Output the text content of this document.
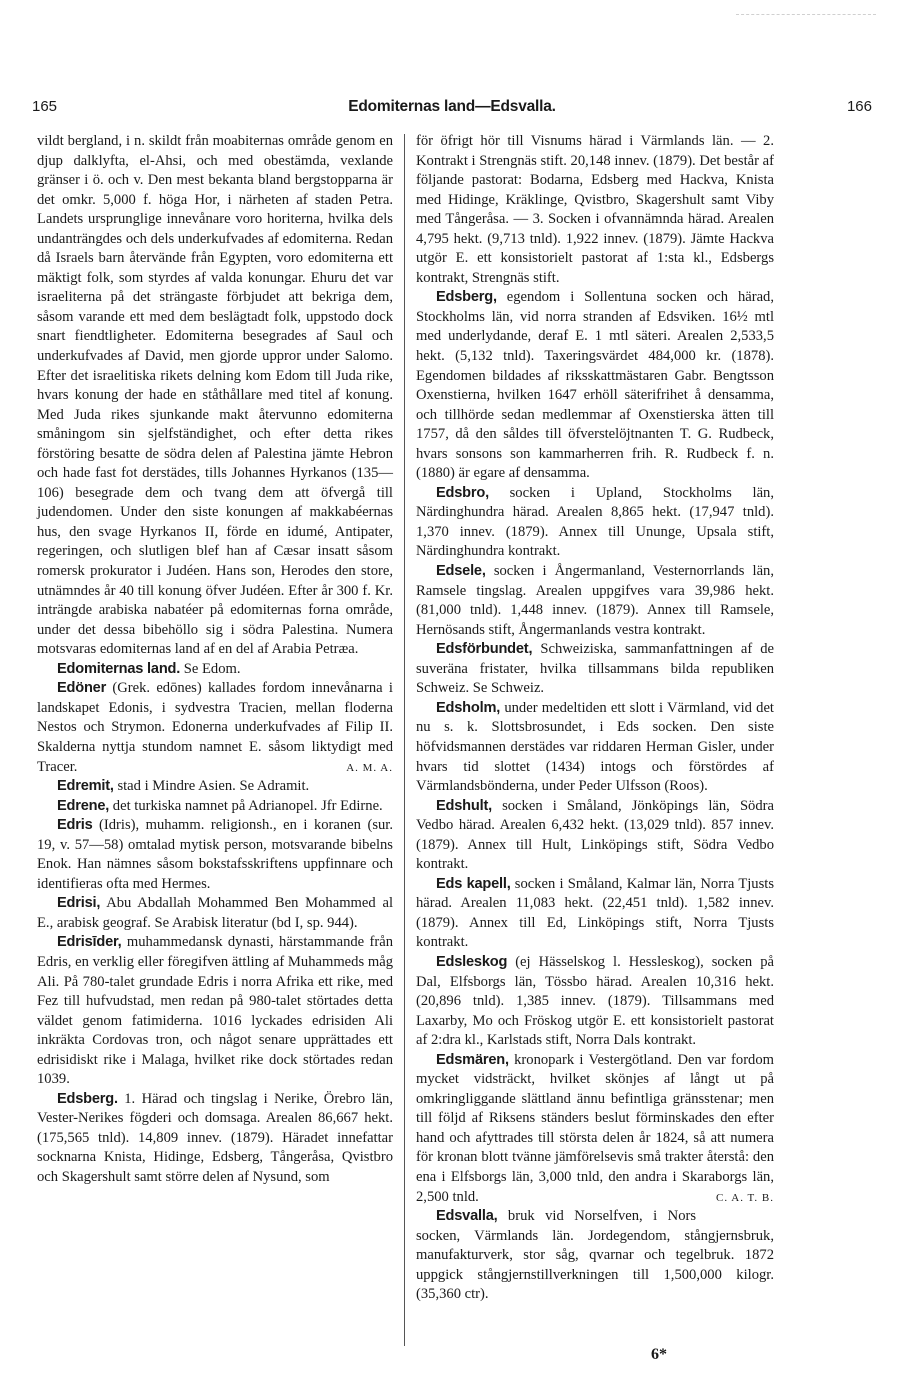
165	Edomiternas land—Edsvalla.	166

vildt bergland, i n. skildt från moabiternas område genom en djup dalklyfta, el-Ahsi, och med obestämda, vexlande gränser i ö. och v. Den mest bekanta bland bergstopparna är det omkr. 5,000 f. höga Hor, i närheten af staden Petra. Landets ursprunglige innevånare voro horiterna, hvilka dels undanträngdes och dels underkufvades af edomiterna. Redan då Israels barn återvände från Egypten, voro edomiterna ett mäktigt folk, som styrdes af valda konungar. Ehuru det var israeliterna på det strängaste förbjudet att bekriga dem, såsom varande ett med dem beslägtadt folk, uppstodo dock snart fiendtligheter. Edomiterna besegrades af Saul och underkufvades af David, men gjorde uppror under Salomo. Efter det israelitiska rikets delning kom Edom till Juda rike, hvars konung der hade en ståthållare med titel af konung. Med Juda rikes sjunkande makt återvunno edomiterna småningom sin sjelfständighet, och efter detta rikes förstöring besatte de södra delen af Palestina jämte Hebron och hade fast fot derstädes, tills Johannes Hyrkanos (135—106) besegrade dem och tvang dem att öfvergå till judendomen. Under den siste konungen af makkabéernas hus, den svage Hyrkanos II, förde en idumé, Antipater, regeringen, och slutligen blef han af Cæsar insatt såsom romersk prokurator i Judéen. Hans son, Herodes den store, utnämndes år 40 till konung öfver Judéen. Efter år 300 f. Kr. inträngde arabiska nabatéer på edomiternas forna område, under det dessa bibehöllo sig i södra Palestina. Numera motsvaras edomiternas land af en del af Arabia Petræa.

Edomiternas land. Se Edom.

Edöner (Grek. edōnes) kallades fordom innevånarna i landskapet Edonis, i sydvestra Tracien, mellan floderna Nestos och Strymon. Edonerna underkufvades af Filip II. Skalderna nyttja stundom namnet E. såsom liktydigt med Tracer.	A. M. A.

Edremit, stad i Mindre Asien. Se Adramit.

Edrene, det turkiska namnet på Adrianopel. Jfr Edirne.

Edris (Idris), muhamm. religionsh., en i koranen (sur. 19, v. 57—58) omtalad mytisk person, motsvarande bibelns Enok. Han nämnes såsom bokstafsskriftens uppfinnare och identifieras ofta med Hermes.

Edrisi, Abu Abdallah Mohammed Ben Mohammed al E., arabisk geograf. Se Arabisk literatur (bd I, sp. 944).

Edrisīder, muhammedansk dynasti, härstammande från Edris, en verklig eller föregifven ättling af Muhammeds måg Ali. På 780-talet grundade Edris i norra Afrika ett rike, med Fez till hufvudstad, men redan på 980-talet störtades detta väldet genom fatimiderna. 1016 lyckades edrisiden Ali inkräkta Cordovas tron, och något senare upprättades ett edrisidiskt rike i Malaga, hvilket rike dock störtades redan 1039.

Edsberg. 1. Härad och tingslag i Nerike, Örebro län, Vester-Nerikes fögderi och domsaga. Arealen 86,667 hekt. (175,565 tnld). 14,809 innev. (1879). Häradet innefattar socknarna Knista, Hidinge, Edsberg, Tångeråsa, Qvistbro och Skagershult samt större delen af Nysund, som

för öfrigt hör till Visnums härad i Värmlands län. — 2. Kontrakt i Strengnäs stift. 20,148 innev. (1879). Det består af följande pastorat: Bodarna, Edsberg med Hackva, Knista med Hidinge, Kräklinge, Qvistbro, Skagershult samt Viby med Tångeråsa. — 3. Socken i ofvannämnda härad. Arealen 4,795 hekt. (9,713 tnld). 1,922 innev. (1879). Jämte Hackva utgör E. ett konsistorielt pastorat af 1:sta kl., Edsbergs kontrakt, Strengnäs stift.

Edsberg, egendom i Sollentuna socken och härad, Stockholms län, vid norra stranden af Edsviken. 16½ mtl med underlydande, deraf E. 1 mtl säteri. Arealen 2,533,5 hekt. (5,132 tnld). Taxeringsvärdet 484,000 kr. (1878). Egendomen bildades af riksskattmästaren Gabr. Bengtsson Oxenstierna, hvilken 1647 erhöll säterifrihet å densamma, och tillhörde sedan medlemmar af Oxenstierska ätten till 1757, då den såldes till öfverstelöjtnanten T. G. Rudbeck, hvars sonsons son kammarherren frih. R. Rudbeck f. n. (1880) är egare af densamma.

Edsbro, socken i Upland, Stockholms län, Närdinghundra härad. Arealen 8,865 hekt. (17,947 tnld). 1,370 innev. (1879). Annex till Ununge, Upsala stift, Närdinghundra kontrakt.

Edsele, socken i Ångermanland, Vesternorrlands län, Ramsele tingslag. Arealen uppgifves vara 39,986 hekt. (81,000 tnld). 1,448 innev. (1879). Annex till Ramsele, Hernösands stift, Ångermanlands vestra kontrakt.

Edsförbundet, Schweiziska, sammanfattningen af de suveräna fristater, hvilka tillsammans bilda republiken Schweiz. Se Schweiz.

Edsholm, under medeltiden ett slott i Värmland, vid det nu s. k. Slottsbrosundet, i Eds socken. Den siste höfvidsmannen derstädes var riddaren Herman Gisler, under hvars tid slottet (1434) intogs och förstördes af Värmlandsbönderna, under Peder Ulfsson (Roos).

Edshult, socken i Småland, Jönköpings län, Södra Vedbo härad. Arealen 6,432 hekt. (13,029 tnld). 857 innev. (1879). Annex till Hult, Linköpings stift, Södra Vedbo kontrakt.

Eds kapell, socken i Småland, Kalmar län, Norra Tjusts härad. Arealen 11,083 hekt. (22,451 tnld). 1,582 innev. (1879). Annex till Ed, Linköpings stift, Norra Tjusts kontrakt.

Edsleskog (ej Hässelskog l. Hessleskog), socken på Dal, Elfsborgs län, Tössbo härad. Arealen 10,316 hekt. (20,896 tnld). 1,385 innev. (1879). Tillsammans med Laxarby, Mo och Fröskog utgör E. ett konsistorielt pastorat af 2:dra kl., Karlstads stift, Norra Dals kontrakt.

Edsmären, kronopark i Vestergötland. Den var fordom mycket vidsträckt, hvilket skönjes af långt ut på omkringliggande slättland ännu befintliga gränsstenar; men till följd af Riksens ständers beslut förminskades den efter hand och afyttrades till största delen år 1824, så att numera för kronan blott tvänne jämförelsevis små trakter återstå: den ena i Elfsborgs län, 3,000 tnld, den andra i Skaraborgs län, 2,500 tnld.	C. A. T. B.

Edsvalla, bruk vid Norselfven, i Nors socken, Värmlands län. Jordegendom, stångjernsbruk, manufakturverk, stor såg, qvarnar och tegelbruk. 1872 uppgick stångjernstillverkningen till 1,500,000 kilogr. (35,360 ctr).

6*
